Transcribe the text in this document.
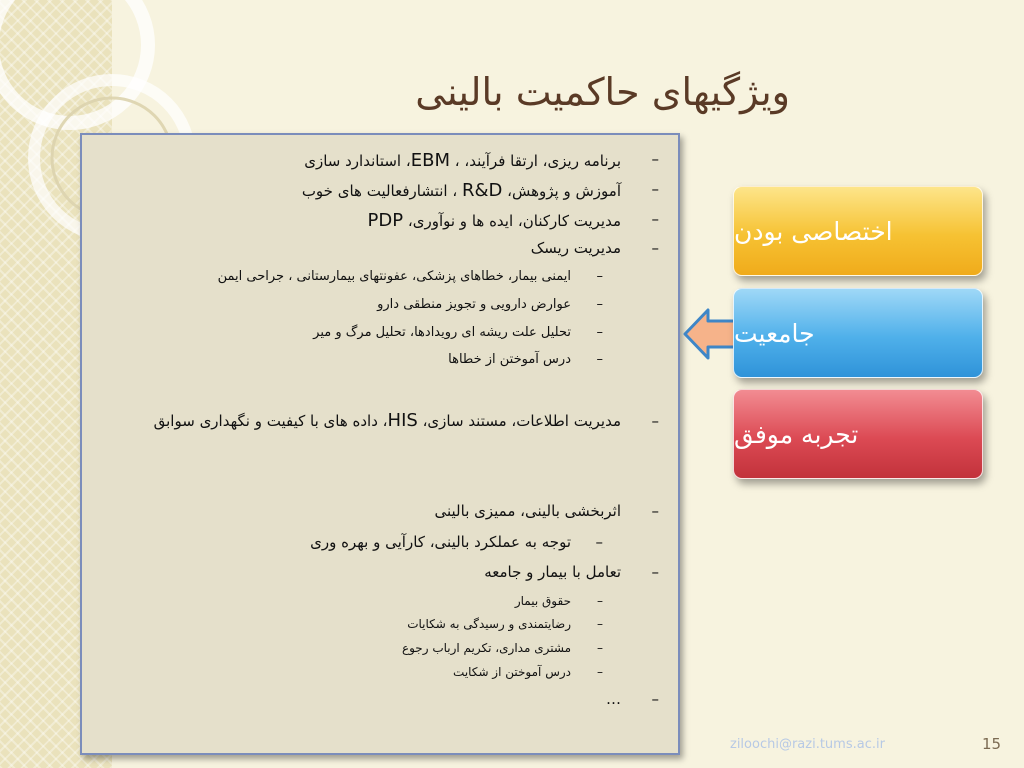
ویژگیهای حاکمیت بالینی
– برنامه ریزی، ارتقا فرآیند، ، EBM، استاندارد سازی
– آموزش و پژوهش، R&D ، انتشارفعالیت های خوب
– مدیریت کارکنان، ایده ها و نوآوری، PDP
– مدیریت ریسک
– ایمنی بیمار، خطاهای پزشکی، عفونتهای بیمارستانی ، جراحی ایمن
– عوارض دارویی و تجویز منطقی دارو
– تحلیل علت ریشه ای رویدادها، تحلیل مرگ و میر
– درس آموختن از خطاها
– مدیریت اطلاعات، مستند سازی، HIS، داده های با کیفیت و نگهداری سوابق
– اثربخشی بالینی، ممیزی بالینی
– توجه به عملکرد بالینی، کارآیی و بهره وری
– تعامل با بیمار و جامعه
– حقوق بیمار
– رضایتمندی و رسیدگی به شکایات
– مشتری مداری، تکریم ارباب رجوع
– درس آموختن از شکایت
– …
اختصاصی بودن
جامعیت
تجربه موفق
ziloochi@razi.tums.ac.ir	15
